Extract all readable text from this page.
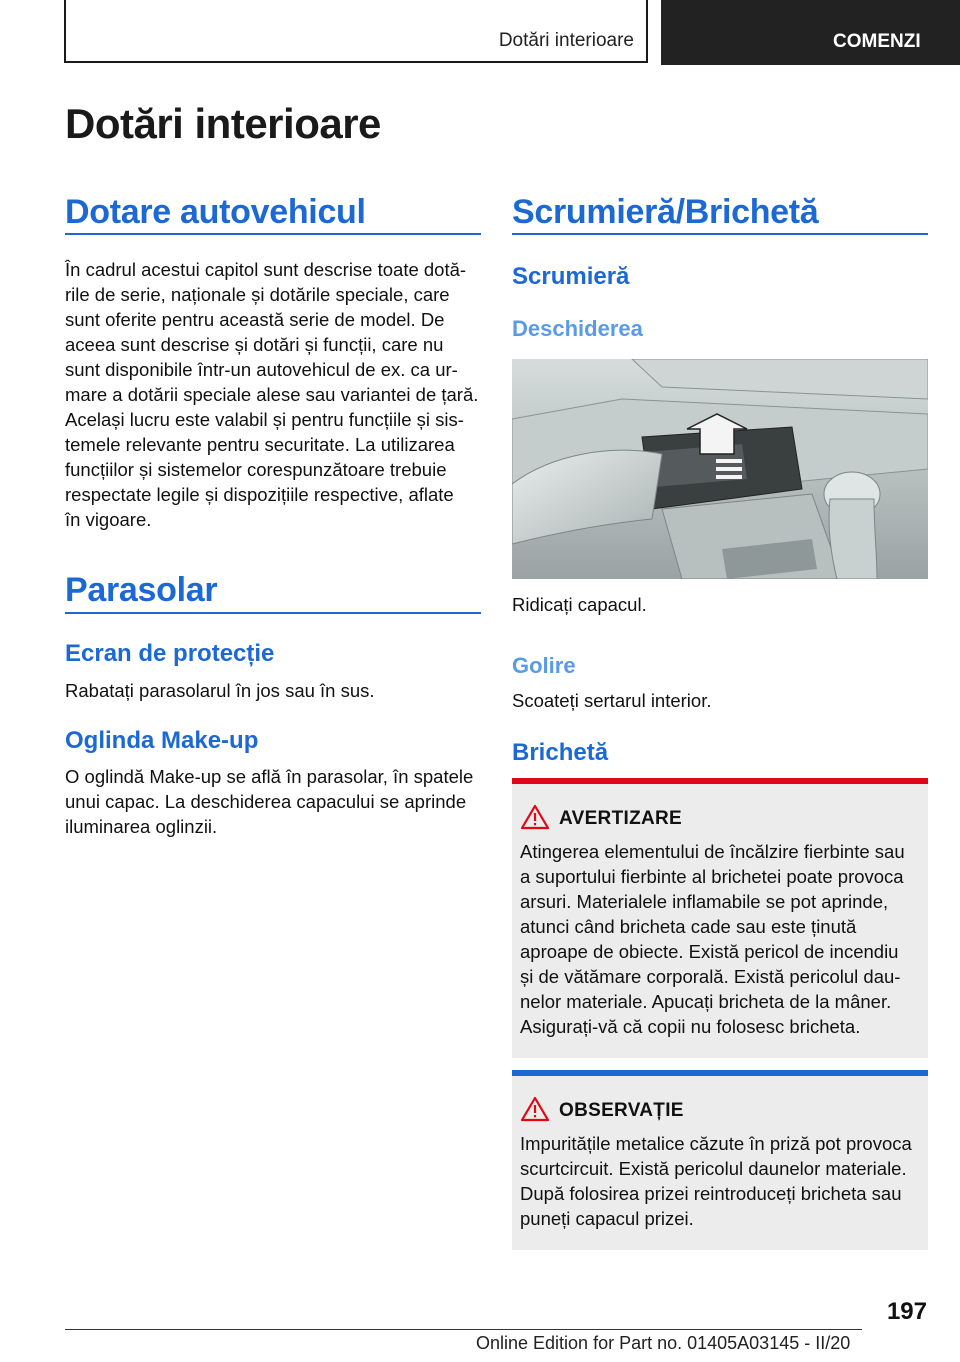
Dotări interioare	COMENZI
Dotări interioare
Dotare autovehicul

În cadrul acestui capitol sunt descrise toate dotă-
rile de serie, naționale și dotările speciale, care
sunt oferite pentru această serie de model. De
aceea sunt descrise și dotări și funcții, care nu
sunt disponibile într-un autovehicul de ex. ca ur-
mare a dotării speciale alese sau variantei de țară.
Același lucru este valabil și pentru funcțiile și sis-
temele relevante pentru securitate. La utilizarea
funcțiilor și sistemelor corespunzătoare trebuie
respectate legile și dispozițiile respective, aflate
în vigoare.

Parasolar
Ecran de protecție

Rabatați parasolarul în jos sau în sus.

Oglinda Make-up

O oglindă Make-up se află în parasolar, în spatele
unui capac. La deschiderea capacului se aprinde
iluminarea oglinzii.

Scrumieră/Brichetă
Scrumieră
Deschiderea

Ridicați capacul.

Golire

Scoateți sertarul interior.

Brichetă
AVERTIZARE

Atingerea elementului de încălzire fierbinte sau
a suportului fierbinte al brichetei poate provoca
arsuri. Materialele inflamabile se pot aprinde,
atunci când bricheta cade sau este ținută
aproape de obiecte. Există pericol de incendiu
și de vătămare corporală. Există pericolul dau-
nelor materiale. Apucați bricheta de la mâner.
Asigurați-vă că copii nu folosesc bricheta.

OBSERVAȚIE

Impuritățile metalice căzute în priză pot provoca
scurtcircuit. Există pericolul daunelor materiale.
După folosirea prizei reintroduceți bricheta sau
puneți capacul prizei.

197
Online Edition for Part no. 01405A03145 - II/20
